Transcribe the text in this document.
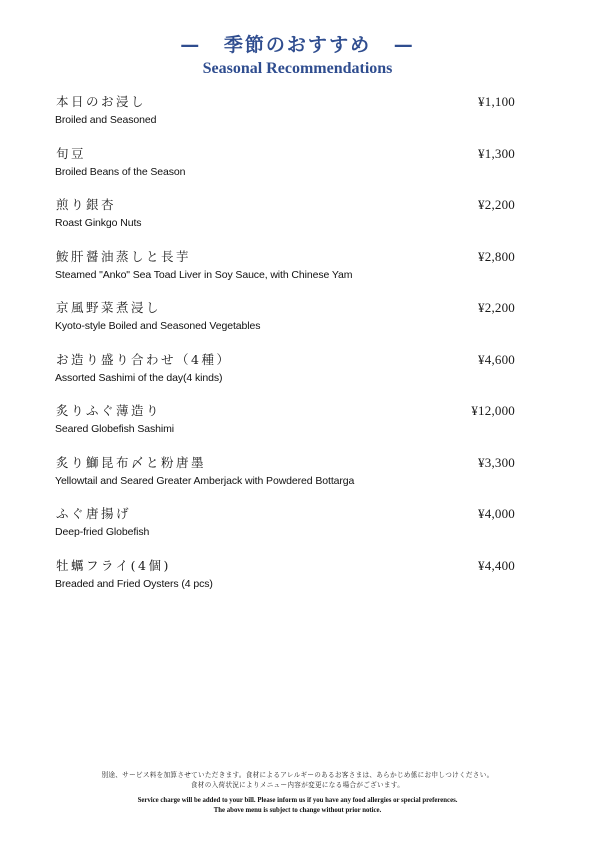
— 季節のおすすめ —
Seasonal Recommendations
本日のお浸し
Broiled and Seasoned
¥1,100
旬豆
Broiled Beans of the Season
¥1,300
煎り銀杏
Roast Ginkgo Nuts
¥2,200
鮟肝醤油蒸しと長芋
Steamed "Anko" Sea Toad Liver in Soy Sauce, with Chinese Yam
¥2,800
京風野菜煮浸し
Kyoto-style Boiled and Seasoned Vegetables
¥2,200
お造り盛り合わせ（4種）
Assorted Sashimi of the day(4 kinds)
¥4,600
炙りふぐ薄造り
Seared Globefish Sashimi
¥12,000
炙り鰤昆布〆と粉唐墨
Yellowtail and Seared Greater Amberjack with Powdered Bottarga
¥3,300
ふぐ唐揚げ
Deep-fried Globefish
¥4,000
牡蠣フライ(4個)
Breaded and Fried Oysters (4 pcs)
¥4,400
別途、サービス料を加算させていただきます。食材によるアレルギーのあるお客さまは、あらかじめ係にお申しつけください。
食材の入荷状況によりメニュー内容が変更になる場合がございます。
Service charge will be added to your bill. Please inform us if you have any food allergies or special preferences.
The above menu is subject to change without prior notice.
